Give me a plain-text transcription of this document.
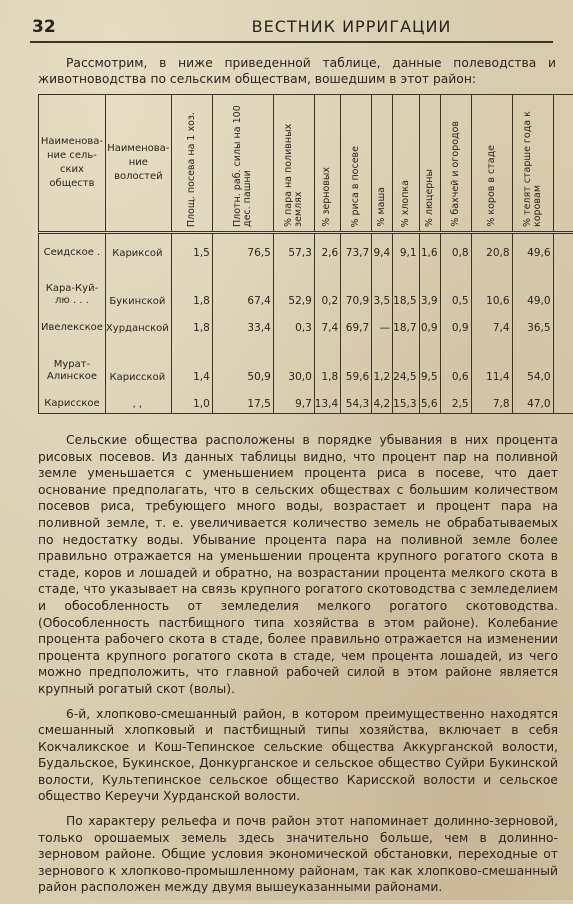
32	ВЕСТНИК ИРРИГАЦИИ
Рассмотрим, в ниже приведенной таблице, данные полеводства и животноводства по сельским обществам, вошедшим в этот район:
Наименова-ние сель-ских обществ	Наименова-ние волостей	Площ. посева на 1 хоз.	Плотн. раб. силы на 100 дес. пашни	% пара на поливных землях	% зерновых	% риса в посеве	% маша	% хлопка	% люцерны	% бахчей и огородов	% коров в стаде	% телят старше года к коровам

Сеидское .	Кариксой	1,5	76,5	57,3	2,6	73,7	9,4	9,1	1,6	0,8	20,8	49,6					
Кара-Куй-лю . . .	Букинской	1,8	67,4	52,9	0,2	70,9	3,5	18,5	3,9	0,5	10,6	49,0					
Ивелекское	Хурданской	1,8	33,4	0,3	7,4	69,7	—	18,7	0,9	0,9	7,4	36,5					
Мурат-Алинское	Карисской	1,4	50,9	30,0	1,8	59,6	1,2	24,5	9,5	0,6	11,4	54,0					
Карисское	, ,	1,0	17,5	9,7	13,4	54,3	4,2	15,3	5,6	2,5	7,8	47,0					

Сельские общества расположены в порядке убывания в них процента рисовых посевов. Из данных таблицы видно, что процент пар на поливной земле уменьшается с уменьшением процента риса в посеве, что дает основание предполагать, что в сельских обществах с большим количеством посевов риса, требующего много воды, возрастает и процент пара на поливной земле, т. е. увеличивается количество земель не обрабатываемых по недостатку воды. Убывание процента пара на поливной земле более правильно отражается на уменьшении процента крупного рогатого скота в стаде, коров и лошадей и обратно, на возрастании процента мелкого скота в стаде, что указывает на связь крупного рогатого скотоводства с земледелием и обособленность от земледелия мелкого рогатого скотоводства. (Обособленность пастбищного типа хозяйства в этом районе). Колебание процента рабочего скота в стаде, более правильно отражается на изменении процента крупного рогатого скота в стаде, чем процента лошадей, из чего можно предположить, что главной рабочей силой в этом районе является крупный рогатый скот (волы).

6-й, хлопково-смешанный район, в котором преимущественно находятся смешанный хлопковый и пастбищный типы хозяйства, включает в себя Кокчаликское и Кош-Тепинское сельские общества Аккурганской волости, Будальское, Букинское, Донкурганское и сельское общество Суйри Букинской волости, Культепинское сельское общество Карисской волости и сельское общество Кереучи Хурданской волости.

По характеру рельефа и почв район этот напоминает долинно-зерновой, только орошаемых земель здесь значительно больше, чем в долинно-зерновом районе. Общие условия экономической обстановки, переходные от зернового к хлопково-промышленному районам, так как хлопково-смешанный район расположен между двумя вышеуказанными районами.
